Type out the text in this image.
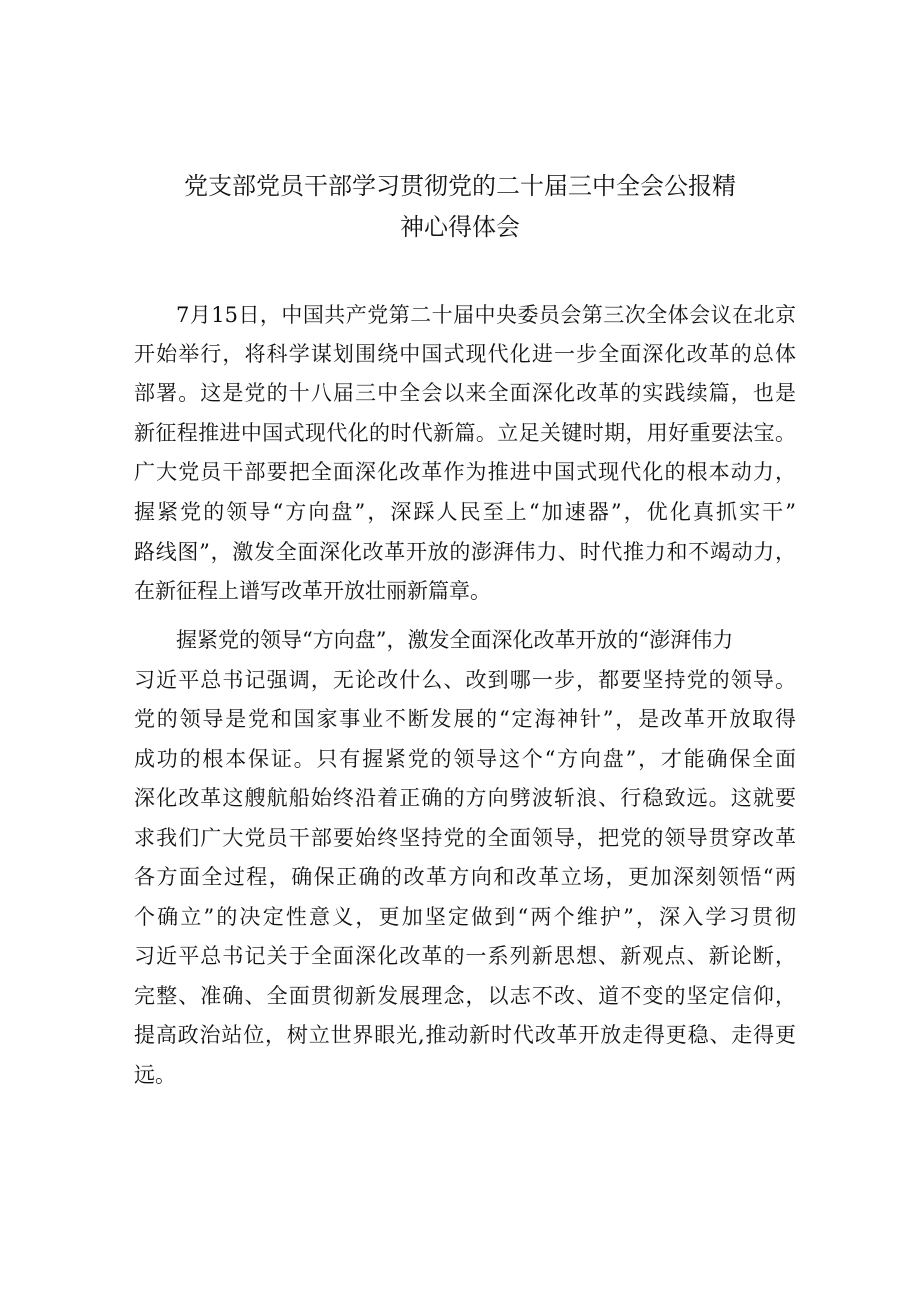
党支部党员干部学习贯彻党的二十届三中全会公报精
神心得体会

7月15日，中国共产党第二十届中央委员会第三次全体会议在北京

开始举行，将科学谋划围绕中国式现代化进一步全面深化改革的总体

部署。这是党的十八届三中全会以来全面深化改革的实践续篇，也是

新征程推进中国式现代化的时代新篇。立足关键时期，用好重要法宝。

广大党员干部要把全面深化改革作为推进中国式现代化的根本动力，

握紧党的领导“方向盘”，深踩人民至上“加速器”，优化真抓实干”

路线图”，激发全面深化改革开放的澎湃伟力、时代推力和不竭动力，

在新征程上谱写改革开放壮丽新篇章。

握紧党的领导“方向盘”，激发全面深化改革开放的“澎湃伟力

习近平总书记强调，无论改什么、改到哪一步，都要坚持党的领导。

党的领导是党和国家事业不断发展的“定海神针”，是改革开放取得

成功的根本保证。只有握紧党的领导这个“方向盘”，才能确保全面

深化改革这艘航船始终沿着正确的方向劈波斩浪、行稳致远。这就要

求我们广大党员干部要始终坚持党的全面领导，把党的领导贯穿改革

各方面全过程，确保正确的改革方向和改革立场，更加深刻领悟“两

个确立”的决定性意义，更加坚定做到“两个维护”，深入学习贯彻

习近平总书记关于全面深化改革的一系列新思想、新观点、新论断，

完整、准确、全面贯彻新发展理念，以志不改、道不变的坚定信仰，

提高政治站位，树立世界眼光,推动新时代改革开放走得更稳、走得更

远。
